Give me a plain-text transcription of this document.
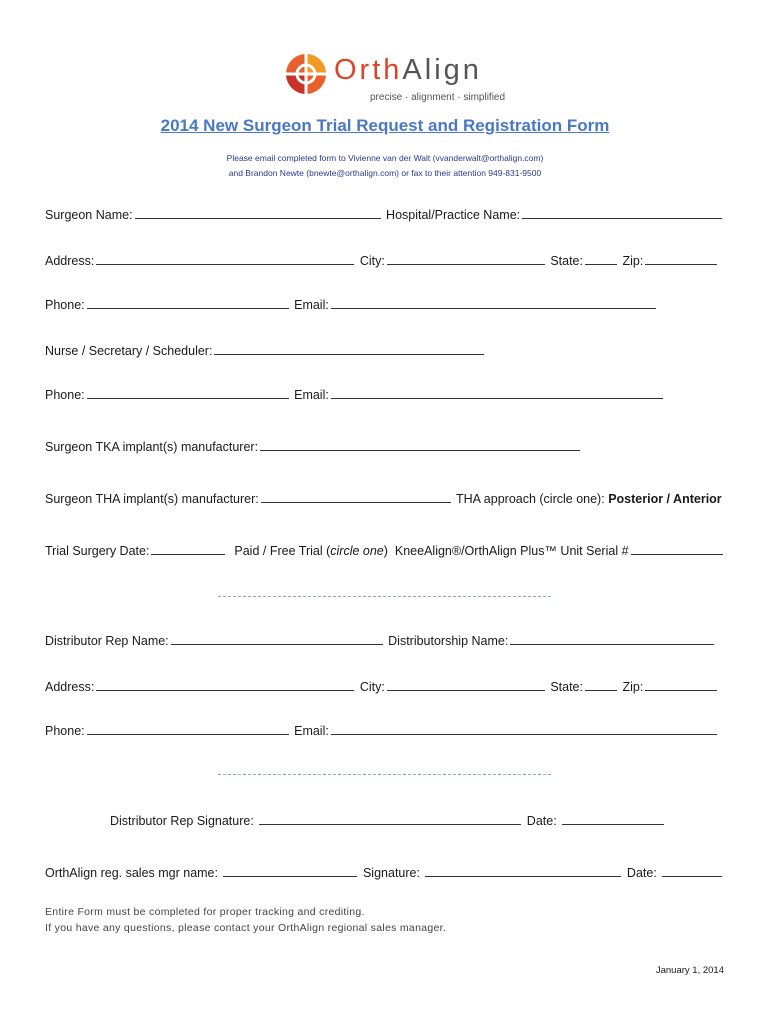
OrthAlign
precise · alignment · simplified
2014 New Surgeon Trial Request and Registration Form
Please email completed form to Vivienne van der Walt (vvanderwalt@orthalign.com)
and Brandon Newte (bnewte@orthalign.com) or fax to their attention 949-831-9500
Surgeon Name:	Hospital/Practice Name:
Address:	City:	State:	Zip:
Phone:	Email:
Nurse / Secretary / Scheduler:
Phone:	Email:
Surgeon TKA implant(s) manufacturer:
Surgeon THA implant(s) manufacturer:	THA approach (circle one): Posterior / Anterior
Trial Surgery Date:	Paid / Free Trial (circle one) KneeAlign®/OrthAlign Plus™ Unit Serial #
Distributor Rep Name:	Distributorship Name:
Address:	City:	State:	Zip:
Phone:	Email:
Distributor Rep Signature:	Date:
OrthAlign reg. sales mgr name:	Signature:	Date:
Entire Form must be completed for proper tracking and crediting.
If you have any questions, please contact your OrthAlign regional sales manager.
January 1, 2014
